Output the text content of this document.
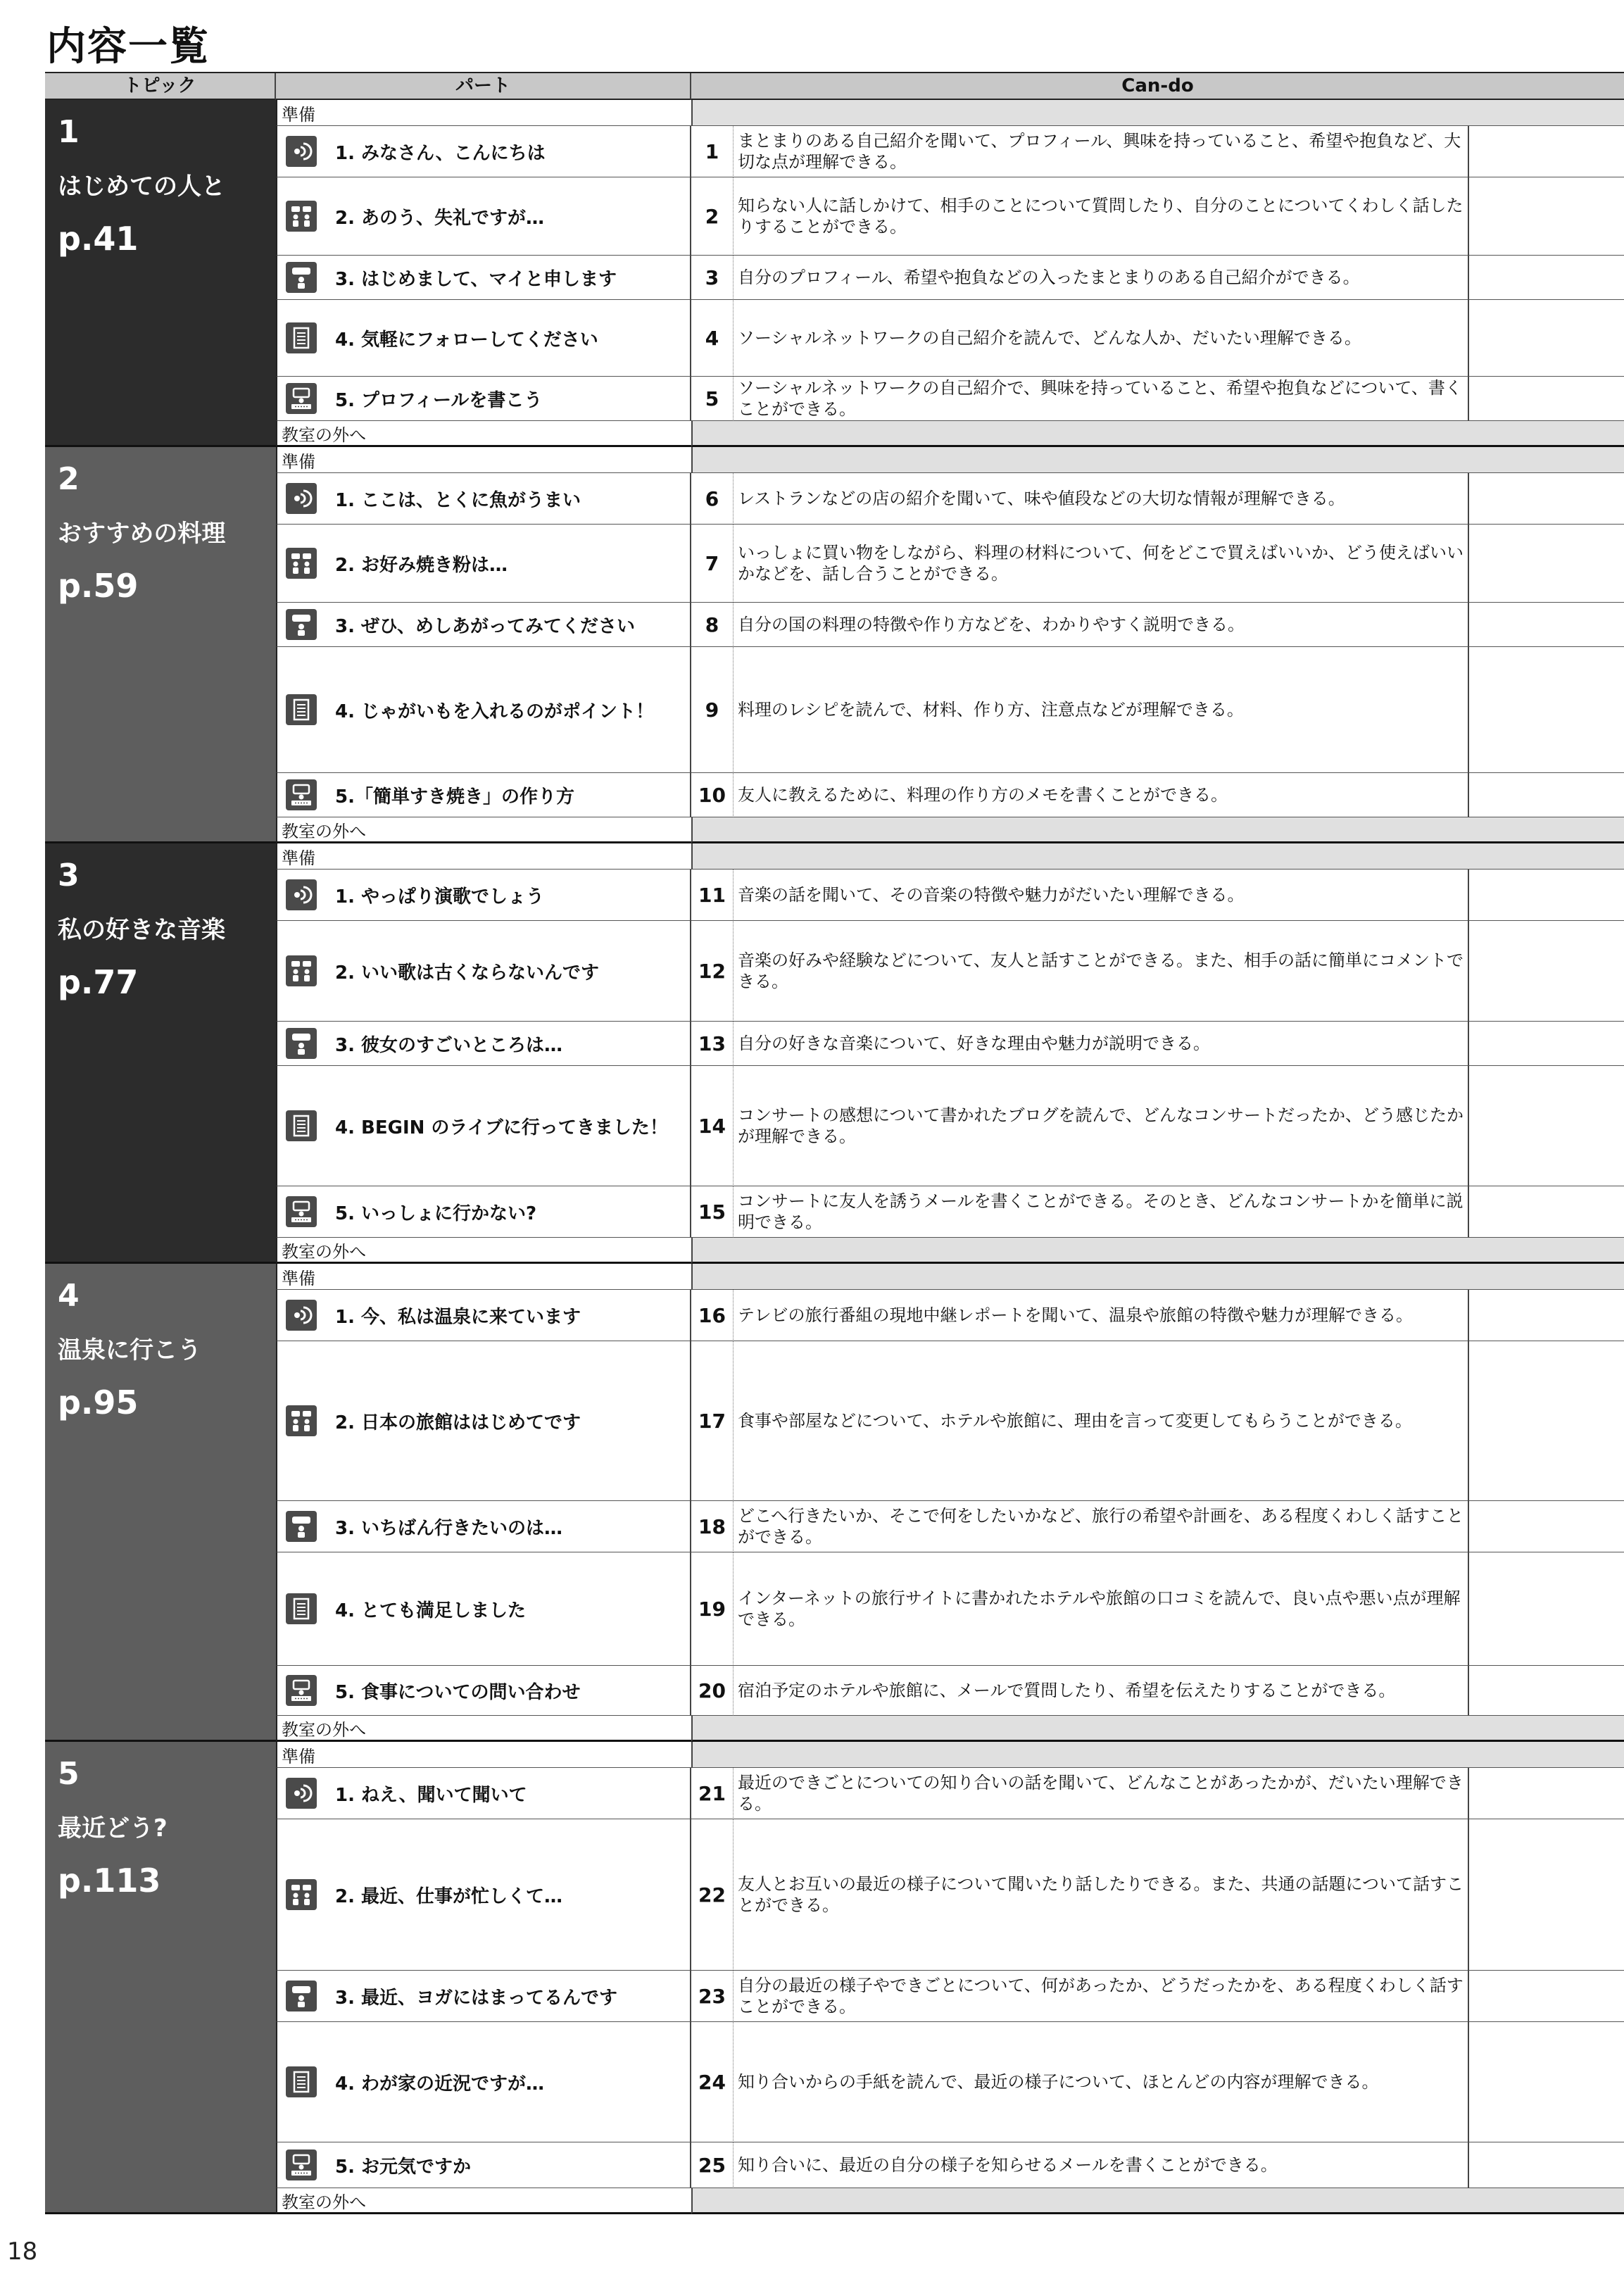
内容一覧
トピック	パート	Can-do
1
はじめての人と
p.41
準備
1. みなさん、こんにちは	1	まとまりのある自己紹介を聞いて、プロフィール、興味を持っていること、希望や抱負など、大切な点が理解できる。
2. あのう、失礼ですが…	2	知らない人に話しかけて、相手のことについて質問したり、自分のことについてくわしく話したりすることができる。
3. はじめまして、マイと申します	3	自分のプロフィール、希望や抱負などの入ったまとまりのある自己紹介ができる。
4. 気軽にフォローしてください	4	ソーシャルネットワークの自己紹介を読んで、どんな人か、だいたい理解できる。
5. プロフィールを書こう	5	ソーシャルネットワークの自己紹介で、興味を持っていること、希望や抱負などについて、書くことができる。
教室の外へ
2
おすすめの料理
p.59
準備
1. ここは、とくに魚がうまい	6	レストランなどの店の紹介を聞いて、味や値段などの大切な情報が理解できる。
2. お好み焼き粉は…	7	いっしょに買い物をしながら、料理の材料について、何をどこで買えばいいか、どう使えばいいかなどを、話し合うことができる。
3. ぜひ、めしあがってみてください	8	自分の国の料理の特徴や作り方などを、わかりやすく説明できる。
4. じゃがいもを入れるのがポイント！	9	料理のレシピを読んで、材料、作り方、注意点などが理解できる。
5.「簡単すき焼き」の作り方	10 友人に教えるために、料理の作り方のメモを書くことができる。
教室の外へ
3
私の好きな音楽
p.77
準備
1. やっぱり演歌でしょう	11 音楽の話を聞いて、その音楽の特徴や魅力がだいたい理解できる。
2. いい歌は古くならないんです	12 音楽の好みや経験などについて、友人と話すことができる。また、相手の話に簡単にコメントできる。
3. 彼女のすごいところは…	13 自分の好きな音楽について、好きな理由や魅力が説明できる。
4. BEGIN のライブに行ってきました！	14 コンサートの感想について書かれたブログを読んで、どんなコンサートだったか、どう感じたかが理解できる。
5. いっしょに行かない?	15 コンサートに友人を誘うメールを書くことができる。そのとき、どんなコンサートかを簡単に説明できる。
教室の外へ
4
温泉に行こう
p.95
準備
1. 今、私は温泉に来ています	16 テレビの旅行番組の現地中継レポートを聞いて、温泉や旅館の特徴や魅力が理解できる。
2. 日本の旅館ははじめてです	17 食事や部屋などについて、ホテルや旅館に、理由を言って変更してもらうことができる。
3. いちばん行きたいのは…	18 どこへ行きたいか、そこで何をしたいかなど、旅行の希望や計画を、ある程度くわしく話すことができる。
4. とても満足しました	19 インターネットの旅行サイトに書かれたホテルや旅館の口コミを読んで、良い点や悪い点が理解できる。
5. 食事についての問い合わせ	20 宿泊予定のホテルや旅館に、メールで質問したり、希望を伝えたりすることができる。
教室の外へ
5
最近どう?
p.113
準備
1. ねえ、聞いて聞いて	21 最近のできごとについての知り合いの話を聞いて、どんなことがあったかが、だいたい理解できる。
2. 最近、仕事が忙しくて…	22 友人とお互いの最近の様子について聞いたり話したりできる。また、共通の話題について話すことができる。
3. 最近、ヨガにはまってるんです	23 自分の最近の様子やできごとについて、何があったか、どうだったかを、ある程度くわしく話すことができる。
4. わが家の近況ですが…	24 知り合いからの手紙を読んで、最近の様子について、ほとんどの内容が理解できる。
5. お元気ですか	25 知り合いに、最近の自分の様子を知らせるメールを書くことができる。
教室の外へ
18
